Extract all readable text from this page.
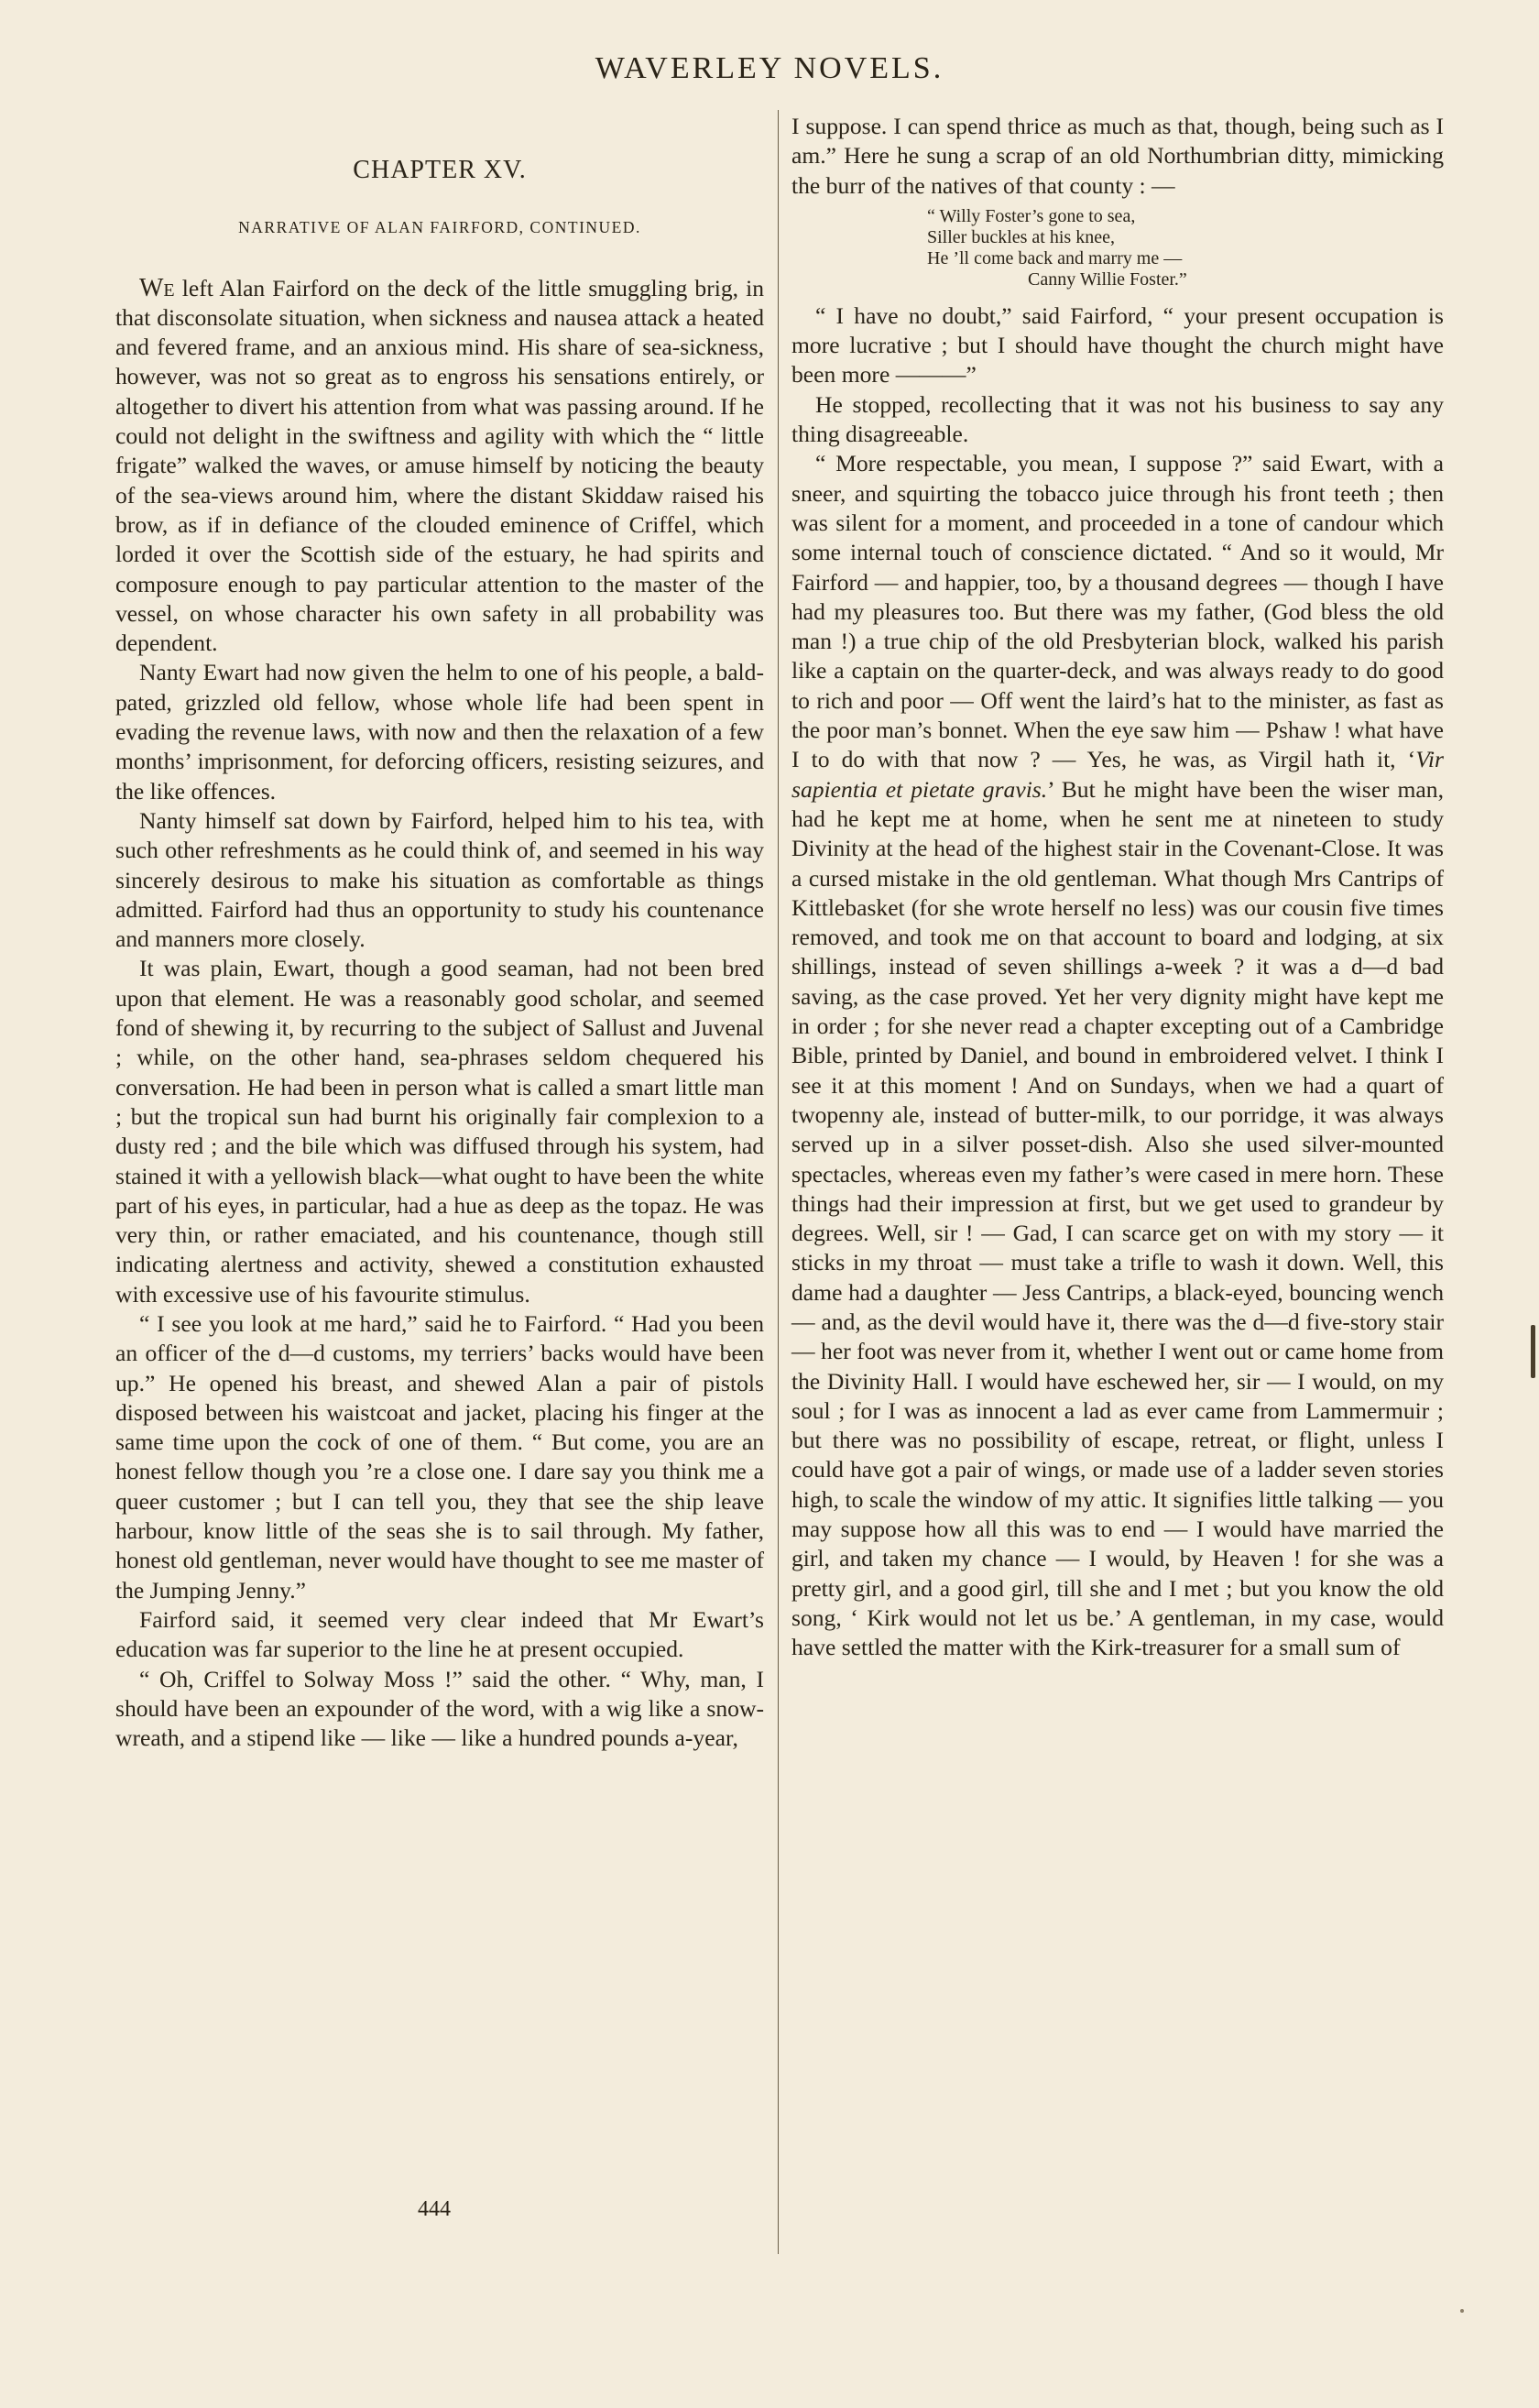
WAVERLEY NOVELS.
CHAPTER XV.
NARRATIVE OF ALAN FAIRFORD, CONTINUED.

We left Alan Fairford on the deck of the little smuggling brig, in that disconsolate situation, when sickness and nausea attack a heated and fevered frame, and an anxious mind. His share of sea-sickness, however, was not so great as to engross his sensations entirely, or altogether to divert his attention from what was passing around. If he could not delight in the swiftness and agility with which the “ little frigate” walked the waves, or amuse himself by noticing the beauty of the sea-views around him, where the distant Skiddaw raised his brow, as if in defiance of the clouded eminence of Criffel, which lorded it over the Scottish side of the estuary, he had spirits and composure enough to pay particular attention to the master of the vessel, on whose character his own safety in all probability was dependent.

Nanty Ewart had now given the helm to one of his people, a bald-pated, grizzled old fellow, whose whole life had been spent in evading the revenue laws, with now and then the relaxation of a few months’ imprisonment, for deforcing officers, resisting seizures, and the like offences.

Nanty himself sat down by Fairford, helped him to his tea, with such other refreshments as he could think of, and seemed in his way sincerely desirous to make his situation as comfortable as things admitted. Fairford had thus an opportunity to study his countenance and manners more closely.

It was plain, Ewart, though a good seaman, had not been bred upon that element. He was a reasonably good scholar, and seemed fond of shewing it, by recurring to the subject of Sallust and Juvenal ; while, on the other hand, sea-phrases seldom chequered his conversation. He had been in person what is called a smart little man ; but the tropical sun had burnt his originally fair complexion to a dusty red ; and the bile which was diffused through his system, had stained it with a yellowish black—what ought to have been the white part of his eyes, in particular, had a hue as deep as the topaz. He was very thin, or rather emaciated, and his countenance, though still indicating alertness and activity, shewed a constitution exhausted with excessive use of his favourite stimulus.

“ I see you look at me hard,” said he to Fairford. “ Had you been an officer of the d—d customs, my terriers’ backs would have been up.” He opened his breast, and shewed Alan a pair of pistols disposed between his waistcoat and jacket, placing his finger at the same time upon the cock of one of them. “ But come, you are an honest fellow though you ’re a close one. I dare say you think me a queer customer ; but I can tell you, they that see the ship leave harbour, know little of the seas she is to sail through. My father, honest old gentleman, never would have thought to see me master of the Jumping Jenny.”

Fairford said, it seemed very clear indeed that Mr Ewart’s education was far superior to the line he at present occupied.

“ Oh, Criffel to Solway Moss !” said the other. “ Why, man, I should have been an expounder of the word, with a wig like a snow-wreath, and a stipend like — like — like a hundred pounds a-year,

I suppose. I can spend thrice as much as that, though, being such as I am.” Here he sung a scrap of an old Northumbrian ditty, mimicking the burr of the natives of that county : —

“ Willy Foster’s gone to sea,
Siller buckles at his knee,
He ’ll come back and marry me —
Canny Willie Foster.”

“ I have no doubt,” said Fairford, “ your present occupation is more lucrative ; but I should have thought the church might have been more ———”

He stopped, recollecting that it was not his business to say any thing disagreeable.

“ More respectable, you mean, I suppose ?” said Ewart, with a sneer, and squirting the tobacco juice through his front teeth ; then was silent for a moment, and proceeded in a tone of candour which some internal touch of conscience dictated. “ And so it would, Mr Fairford — and happier, too, by a thousand degrees — though I have had my pleasures too. But there was my father, (God bless the old man !) a true chip of the old Presbyterian block, walked his parish like a captain on the quarter-deck, and was always ready to do good to rich and poor — Off went the laird’s hat to the minister, as fast as the poor man’s bonnet. When the eye saw him — Pshaw ! what have I to do with that now ? — Yes, he was, as Virgil hath it, ‘Vir sapientia et pietate gravis.’ But he might have been the wiser man, had he kept me at home, when he sent me at nineteen to study Divinity at the head of the highest stair in the Covenant-Close. It was a cursed mistake in the old gentleman. What though Mrs Cantrips of Kittlebasket (for she wrote herself no less) was our cousin five times removed, and took me on that account to board and lodging, at six shillings, instead of seven shillings a-week ? it was a d—d bad saving, as the case proved. Yet her very dignity might have kept me in order ; for she never read a chapter excepting out of a Cambridge Bible, printed by Daniel, and bound in embroidered velvet. I think I see it at this moment ! And on Sundays, when we had a quart of twopenny ale, instead of butter-milk, to our porridge, it was always served up in a silver posset-dish. Also she used silver-mounted spectacles, whereas even my father’s were cased in mere horn. These things had their impression at first, but we get used to grandeur by degrees. Well, sir ! — Gad, I can scarce get on with my story — it sticks in my throat — must take a trifle to wash it down. Well, this dame had a daughter — Jess Cantrips, a black-eyed, bouncing wench — and, as the devil would have it, there was the d—d five-story stair — her foot was never from it, whether I went out or came home from the Divinity Hall. I would have eschewed her, sir — I would, on my soul ; for I was as innocent a lad as ever came from Lammermuir ; but there was no possibility of escape, retreat, or flight, unless I could have got a pair of wings, or made use of a ladder seven stories high, to scale the window of my attic. It signifies little talking — you may suppose how all this was to end — I would have married the girl, and taken my chance — I would, by Heaven ! for she was a pretty girl, and a good girl, till she and I met ; but you know the old song, ‘ Kirk would not let us be.’ A gentleman, in my case, would have settled the matter with the Kirk-treasurer for a small sum of

444
